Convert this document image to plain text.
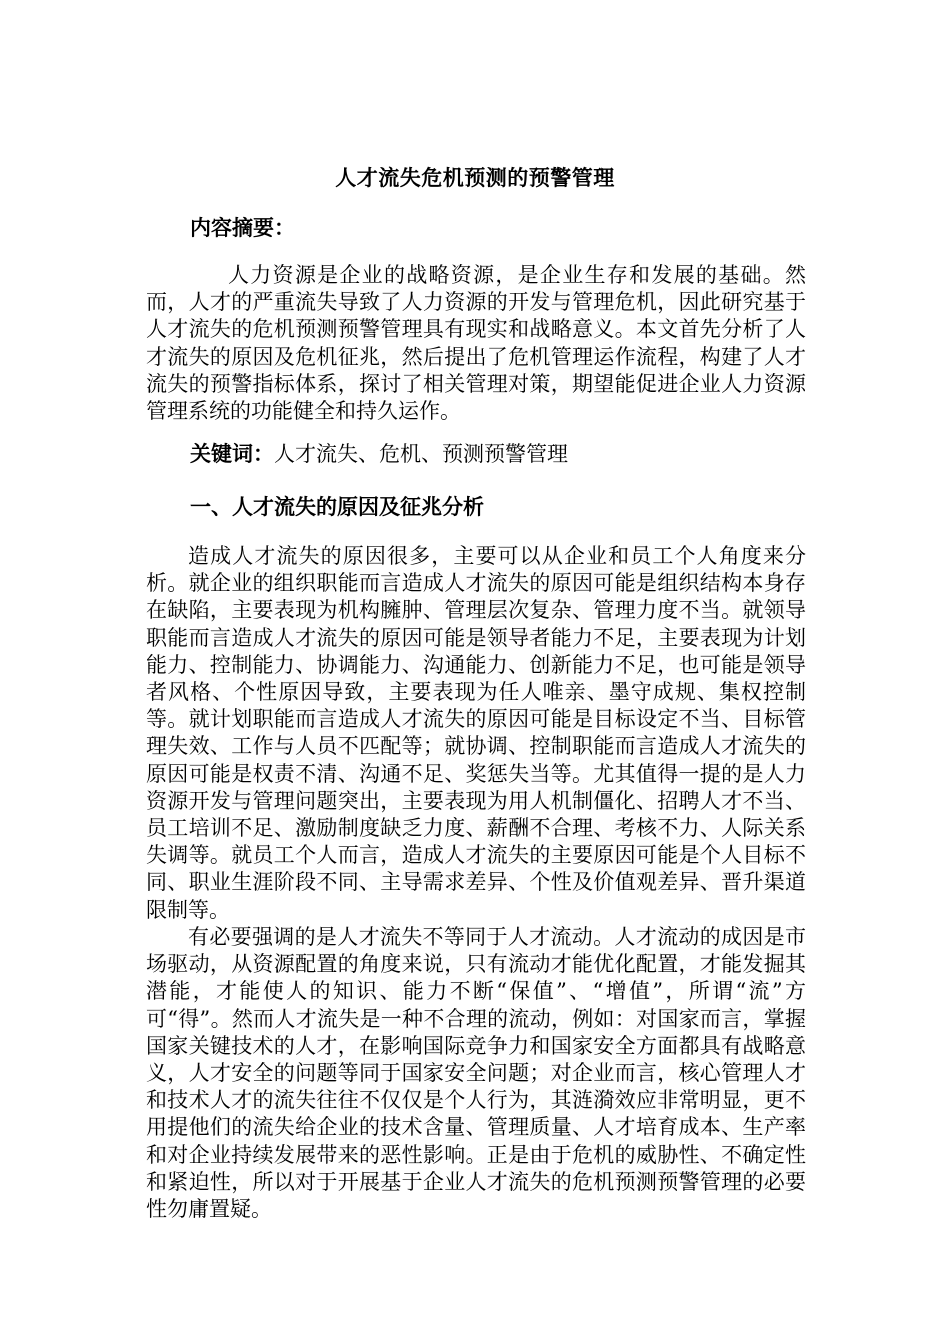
人才流失危机预测的预警管理
内容摘要：
人力资源是企业的战略资源，是企业生存和发展的基础。然而，人才的严重流失导致了人力资源的开发与管理危机，因此研究基于人才流失的危机预测预警管理具有现实和战略意义。本文首先分析了人才流失的原因及危机征兆，然后提出了危机管理运作流程，构建了人才流失的预警指标体系，探讨了相关管理对策，期望能促进企业人力资源管理系统的功能健全和持久运作。
关键词：人才流失、危机、预测预警管理
一、人才流失的原因及征兆分析
造成人才流失的原因很多，主要可以从企业和员工个人角度来分析。就企业的组织职能而言造成人才流失的原因可能是组织结构本身存在缺陷，主要表现为机构臃肿、管理层次复杂、管理力度不当。就领导职能而言造成人才流失的原因可能是领导者能力不足，主要表现为计划能力、控制能力、协调能力、沟通能力、创新能力不足，也可能是领导者风格、个性原因导致，主要表现为任人唯亲、墨守成规、集权控制等。就计划职能而言造成人才流失的原因可能是目标设定不当、目标管理失效、工作与人员不匹配等；就协调、控制职能而言造成人才流失的原因可能是权责不清、沟通不足、奖惩失当等。尤其值得一提的是人力资源开发与管理问题突出，主要表现为用人机制僵化、招聘人才不当、员工培训不足、激励制度缺乏力度、薪酬不合理、考核不力、人际关系失调等。就员工个人而言，造成人才流失的主要原因可能是个人目标不同、职业生涯阶段不同、主导需求差异、个性及价值观差异、晋升渠道限制等。
有必要强调的是人才流失不等同于人才流动。人才流动的成因是市场驱动，从资源配置的角度来说，只有流动才能优化配置，才能发掘其潜能，才能使人的知识、能力不断“保值”、“增值”，所谓“流”方可“得”。然而人才流失是一种不合理的流动，例如：对国家而言，掌握国家关键技术的人才，在影响国际竞争力和国家安全方面都具有战略意义，人才安全的问题等同于国家安全问题；对企业而言，核心管理人才和技术人才的流失往往不仅仅是个人行为，其涟漪效应非常明显，更不用提他们的流失给企业的技术含量、管理质量、人才培育成本、生产率和对企业持续发展带来的恶性影响。正是由于危机的威胁性、不确定性和紧迫性，所以对于开展基于企业人才流失的危机预测预警管理的必要性勿庸置疑。
